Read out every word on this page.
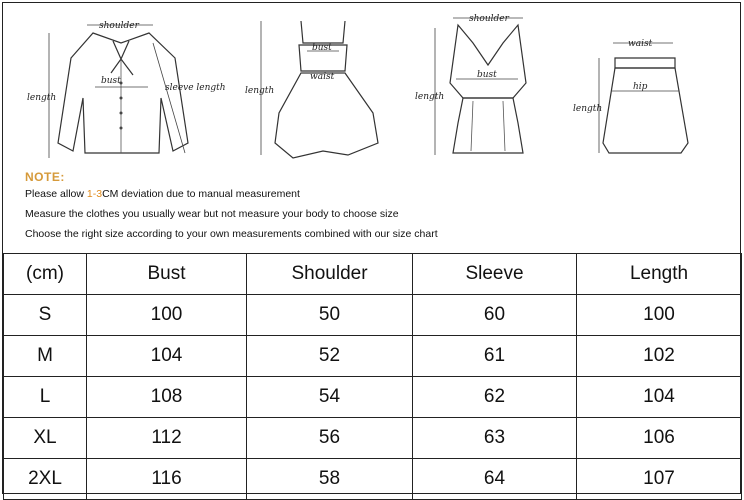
shoulder
length
bust
sleeve length length
bust
waist
shoulder
length
bust
waist
length
hip
NOTE:
Please allow 1-3CM deviation due to manual measurement
Measure the clothes you usually wear but not measure your body to choose size
Choose the right size according to your own measurements combined with our size chart
(cm)	Bust	Shoulder	Sleeve	Length
S	100	50	60	100
M	104	52	61	102
L	108	54	62	104
XL	112	56	63	106
2XL	116	58	64	107
